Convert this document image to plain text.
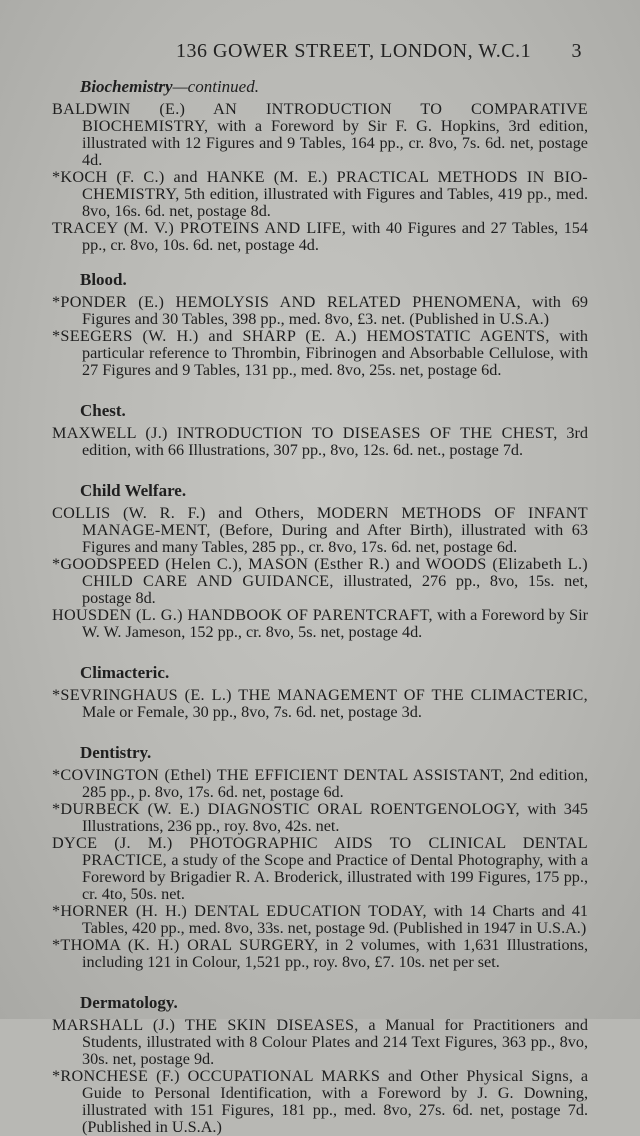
136 GOWER STREET, LONDON, W.C.1 3
Biochemistry—continued.

BALDWIN (E.) AN INTRODUCTION TO COMPARATIVE BIOCHEMISTRY, with a Foreword by Sir F. G. Hopkins, 3rd edition, illustrated with 12 Figures and 9 Tables, 164 pp., cr. 8vo, 7s. 6d. net, postage 4d.

*KOCH (F. C.) and HANKE (M. E.) PRACTICAL METHODS IN BIO-CHEMISTRY, 5th edition, illustrated with Figures and Tables, 419 pp., med. 8vo, 16s. 6d. net, postage 8d.

TRACEY (M. V.) PROTEINS AND LIFE, with 40 Figures and 27 Tables, 154 pp., cr. 8vo, 10s. 6d. net, postage 4d.

Blood.

*PONDER (E.) HEMOLYSIS AND RELATED PHENOMENA, with 69 Figures and 30 Tables, 398 pp., med. 8vo, £3. net. (Published in U.S.A.)

*SEEGERS (W. H.) and SHARP (E. A.) HEMOSTATIC AGENTS, with particular reference to Thrombin, Fibrinogen and Absorbable Cellulose, with 27 Figures and 9 Tables, 131 pp., med. 8vo, 25s. net, postage 6d.

Chest.

MAXWELL (J.) INTRODUCTION TO DISEASES OF THE CHEST, 3rd edition, with 66 Illustrations, 307 pp., 8vo, 12s. 6d. net., postage 7d.

Child Welfare.

COLLIS (W. R. F.) and Others, MODERN METHODS OF INFANT MANAGE-MENT, (Before, During and After Birth), illustrated with 63 Figures and many Tables, 285 pp., cr. 8vo, 17s. 6d. net, postage 6d.

*GOODSPEED (Helen C.), MASON (Esther R.) and WOODS (Elizabeth L.) CHILD CARE AND GUIDANCE, illustrated, 276 pp., 8vo, 15s. net, postage 8d.

HOUSDEN (L. G.) HANDBOOK OF PARENTCRAFT, with a Foreword by Sir W. W. Jameson, 152 pp., cr. 8vo, 5s. net, postage 4d.

Climacteric.

*SEVRINGHAUS (E. L.) THE MANAGEMENT OF THE CLIMACTERIC, Male or Female, 30 pp., 8vo, 7s. 6d. net, postage 3d.

Dentistry.

*COVINGTON (Ethel) THE EFFICIENT DENTAL ASSISTANT, 2nd edition, 285 pp., p. 8vo, 17s. 6d. net, postage 6d.

*DURBECK (W. E.) DIAGNOSTIC ORAL ROENTGENOLOGY, with 345 Illustrations, 236 pp., roy. 8vo, 42s. net.

DYCE (J. M.) PHOTOGRAPHIC AIDS TO CLINICAL DENTAL PRACTICE, a study of the Scope and Practice of Dental Photography, with a Foreword by Brigadier R. A. Broderick, illustrated with 199 Figures, 175 pp., cr. 4to, 50s. net.

*HORNER (H. H.) DENTAL EDUCATION TODAY, with 14 Charts and 41 Tables, 420 pp., med. 8vo, 33s. net, postage 9d. (Published in 1947 in U.S.A.)

*THOMA (K. H.) ORAL SURGERY, in 2 volumes, with 1,631 Illustrations, including 121 in Colour, 1,521 pp., roy. 8vo, £7. 10s. net per set.

Dermatology.

MARSHALL (J.) THE SKIN DISEASES, a Manual for Practitioners and Students, illustrated with 8 Colour Plates and 214 Text Figures, 363 pp., 8vo, 30s. net, postage 9d.

*RONCHESE (F.) OCCUPATIONAL MARKS and Other Physical Signs, a Guide to Personal Identification, with a Foreword by J. G. Downing, illustrated with 151 Figures, 181 pp., med. 8vo, 27s. 6d. net, postage 7d. (Published in U.S.A.)
